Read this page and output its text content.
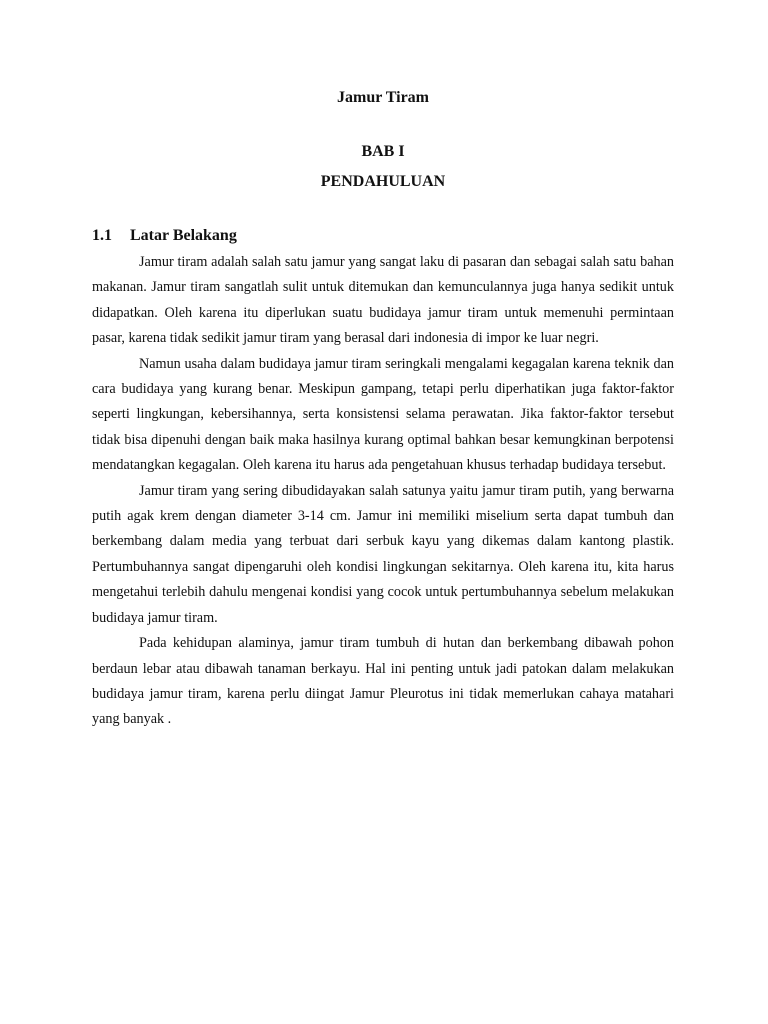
Jamur Tiram
BAB I
PENDAHULUAN
1.1	Latar Belakang

Jamur tiram adalah salah satu jamur yang sangat laku di pasaran dan sebagai salah satu bahan makanan. Jamur tiram sangatlah sulit untuk ditemukan dan kemunculannya juga hanya sedikit untuk didapatkan. Oleh karena itu diperlukan suatu budidaya jamur tiram untuk memenuhi permintaan pasar, karena tidak sedikit jamur tiram yang berasal dari indonesia di impor ke luar negri.

Namun usaha dalam budidaya jamur tiram seringkali mengalami kegagalan karena teknik dan cara budidaya yang kurang benar. Meskipun gampang, tetapi perlu diperhatikan juga faktor-faktor seperti lingkungan, kebersihannya, serta konsistensi selama perawatan. Jika faktor-faktor tersebut tidak bisa dipenuhi dengan baik maka hasilnya kurang optimal bahkan besar kemungkinan berpotensi mendatangkan kegagalan. Oleh karena itu harus ada pengetahuan khusus terhadap budidaya tersebut.

Jamur tiram yang sering dibudidayakan salah satunya yaitu jamur tiram putih, yang berwarna putih agak krem dengan diameter 3-14 cm. Jamur ini memiliki miselium serta dapat tumbuh dan berkembang dalam media yang terbuat dari serbuk kayu yang dikemas dalam kantong plastik. Pertumbuhannya sangat dipengaruhi oleh kondisi lingkungan sekitarnya. Oleh karena itu, kita harus mengetahui terlebih dahulu mengenai kondisi yang cocok untuk pertumbuhannya sebelum melakukan budidaya jamur tiram.

Pada kehidupan alaminya, jamur tiram tumbuh di hutan dan berkembang dibawah pohon berdaun lebar atau dibawah tanaman berkayu. Hal ini penting untuk jadi patokan dalam melakukan budidaya jamur tiram, karena perlu diingat Jamur Pleurotus ini tidak memerlukan cahaya matahari yang banyak .
